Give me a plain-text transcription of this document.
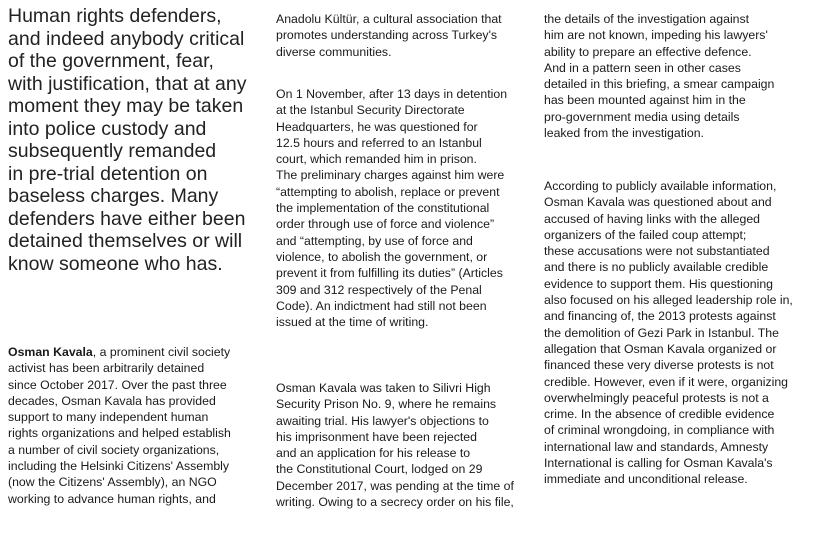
Human rights defenders,
and indeed anybody critical
of the government, fear,
with justification, that at any
moment they may be taken
into police custody and
subsequently remanded
in pre-trial detention on
baseless charges. Many
defenders have either been
detained themselves or will
know someone who has.
Osman Kavala, a prominent civil society
activist has been arbitrarily detained
since October 2017. Over the past three
decades, Osman Kavala has provided
support to many independent human
rights organizations and helped establish
a number of civil society organizations,
including the Helsinki Citizens' Assembly
(now the Citizens' Assembly), an NGO
working to advance human rights, and
Anadolu Kültür, a cultural association that
promotes understanding across Turkey's
diverse communities.
On 1 November, after 13 days in detention
at the Istanbul Security Directorate
Headquarters, he was questioned for
12.5 hours and referred to an Istanbul
court, which remanded him in prison.
The preliminary charges against him were
“attempting to abolish, replace or prevent
the implementation of the constitutional
order through use of force and violence”
and “attempting, by use of force and
violence, to abolish the government, or
prevent it from fulfilling its duties” (Articles
309 and 312 respectively of the Penal
Code). An indictment had still not been
issued at the time of writing.
Osman Kavala was taken to Silivri High
Security Prison No. 9, where he remains
awaiting trial. His lawyer's objections to
his imprisonment have been rejected
and an application for his release to
the Constitutional Court, lodged on 29
December 2017, was pending at the time of
writing. Owing to a secrecy order on his file,
the details of the investigation against
him are not known, impeding his lawyers'
ability to prepare an effective defence.
And in a pattern seen in other cases
detailed in this briefing, a smear campaign
has been mounted against him in the
pro-government media using details
leaked from the investigation.
According to publicly available information,
Osman Kavala was questioned about and
accused of having links with the alleged
organizers of the failed coup attempt;
these accusations were not substantiated
and there is no publicly available credible
evidence to support them. His questioning
also focused on his alleged leadership role in,
and financing of, the 2013 protests against
the demolition of Gezi Park in Istanbul. The
allegation that Osman Kavala organized or
financed these very diverse protests is not
credible. However, even if it were, organizing
overwhelmingly peaceful protests is not a
crime. In the absence of credible evidence
of criminal wrongdoing, in compliance with
international law and standards, Amnesty
International is calling for Osman Kavala's
immediate and unconditional release.
